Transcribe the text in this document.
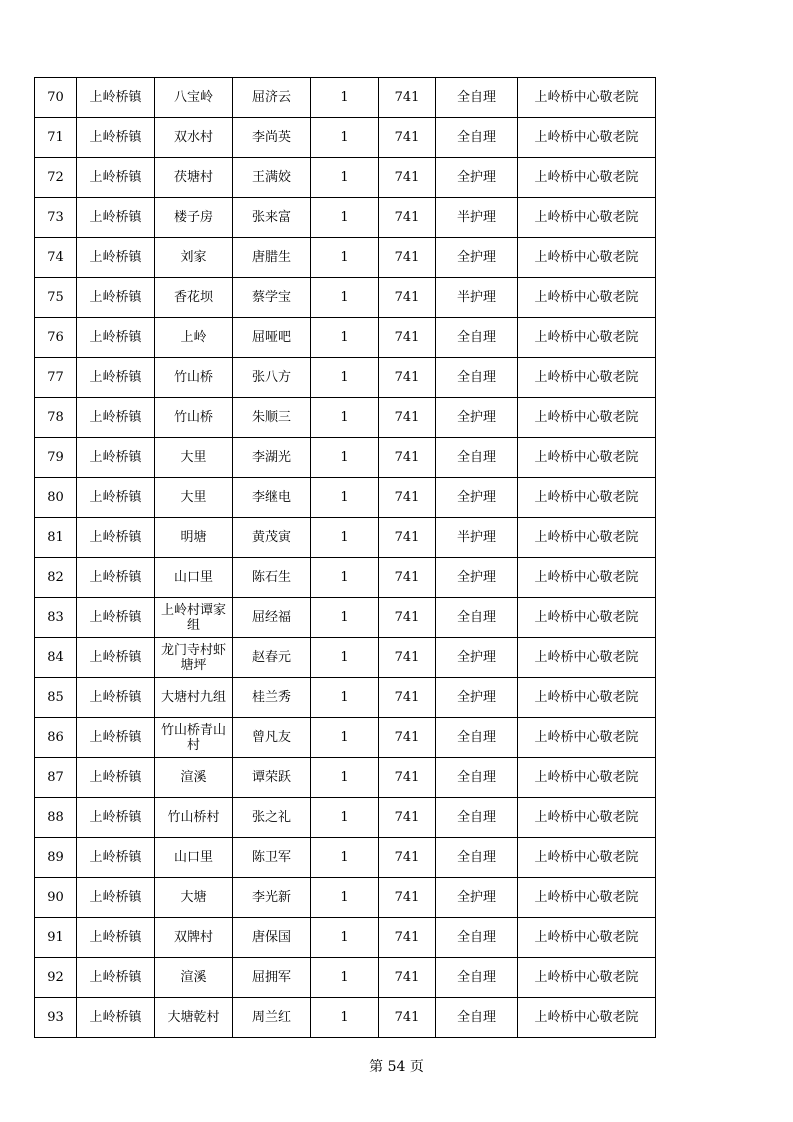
70	上岭桥镇	八宝岭	屈济云	1	741	全自理	上岭桥中心敬老院
71	上岭桥镇	双水村	李尚英	1	741	全自理	上岭桥中心敬老院
72	上岭桥镇	茯塘村	王满姣	1	741	全护理	上岭桥中心敬老院
73	上岭桥镇	楼子房	张来富	1	741	半护理	上岭桥中心敬老院
74	上岭桥镇	刘家	唐腊生	1	741	全护理	上岭桥中心敬老院
75	上岭桥镇	香花坝	蔡学宝	1	741	半护理	上岭桥中心敬老院
76	上岭桥镇	上岭	屈哑吧	1	741	全自理	上岭桥中心敬老院
77	上岭桥镇	竹山桥	张八方	1	741	全自理	上岭桥中心敬老院
78	上岭桥镇	竹山桥	朱顺三	1	741	全护理	上岭桥中心敬老院
79	上岭桥镇	大里	李湖光	1	741	全自理	上岭桥中心敬老院
80	上岭桥镇	大里	李继电	1	741	全护理	上岭桥中心敬老院
81	上岭桥镇	明塘	黄茂寅	1	741	半护理	上岭桥中心敬老院
82	上岭桥镇	山口里	陈石生	1	741	全护理	上岭桥中心敬老院
83	上岭桥镇	上岭村谭家组	屈经福	1	741	全自理	上岭桥中心敬老院
84	上岭桥镇	龙门寺村虾塘坪	赵春元	1	741	全护理	上岭桥中心敬老院
85	上岭桥镇	大塘村九组	桂兰秀	1	741	全护理	上岭桥中心敬老院
86	上岭桥镇	竹山桥青山村	曾凡友	1	741	全自理	上岭桥中心敬老院
87	上岭桥镇	渲溪	谭荣跃	1	741	全自理	上岭桥中心敬老院
88	上岭桥镇	竹山桥村	张之礼	1	741	全自理	上岭桥中心敬老院
89	上岭桥镇	山口里	陈卫军	1	741	全自理	上岭桥中心敬老院
90	上岭桥镇	大塘	李光新	1	741	全护理	上岭桥中心敬老院
91	上岭桥镇	双牌村	唐保国	1	741	全自理	上岭桥中心敬老院
92	上岭桥镇	渲溪	屈拥军	1	741	全自理	上岭桥中心敬老院
93	上岭桥镇	大塘乾村	周兰红	1	741	全自理	上岭桥中心敬老院
第 54 页
